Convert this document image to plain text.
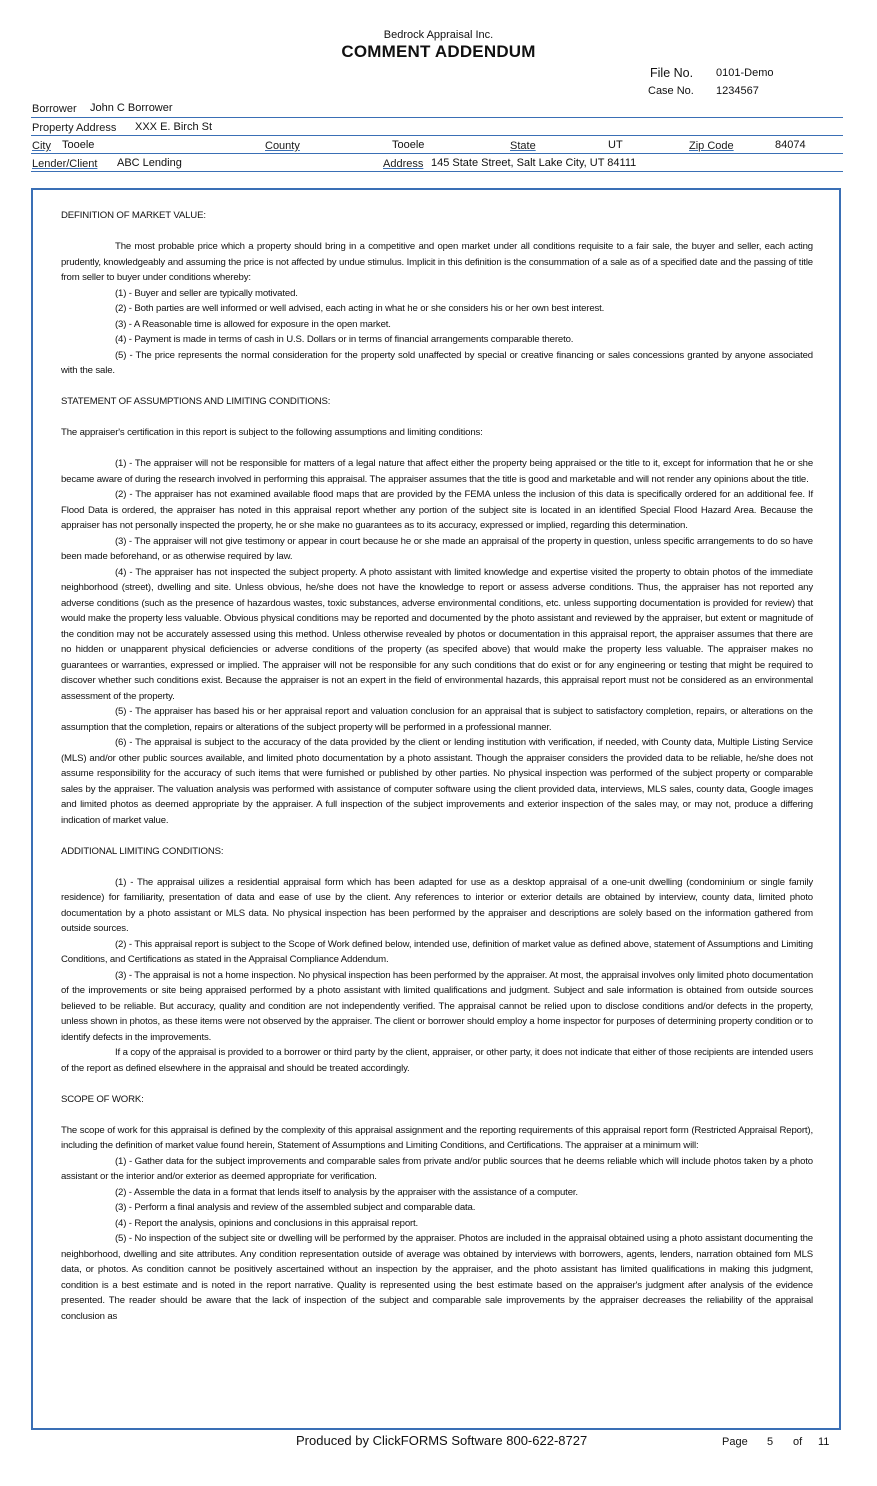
Bedrock Appraisal Inc.
COMMENT ADDENDUM
File No. 0101-Demo
Case No. 1234567
Borrower John C Borrower
Property Address XXX E. Birch St
City Tooele	County	Tooele	State	UT	Zip Code	84074
Lender/Client ABC Lending	Address 145 State Street, Salt Lake City, UT 84111

DEFINITION OF MARKET VALUE:

The most probable price which a property should bring in a competitive and open market under all conditions requisite to a fair sale, the buyer and seller, each acting prudently, knowledgeably and assuming the price is not affected by undue stimulus. Implicit in this definition is the consummation of a sale as of a specified date and the passing of title from seller to buyer under conditions whereby:

(1) - Buyer and seller are typically motivated.

(2) - Both parties are well informed or well advised, each acting in what he or she considers his or her own best interest.

(3) - A Reasonable time is allowed for exposure in the open market.

(4) - Payment is made in terms of cash in U.S. Dollars or in terms of financial arrangements comparable thereto.

(5) - The price represents the normal consideration for the property sold unaffected by special or creative financing or sales concessions granted by anyone associated with the sale.

STATEMENT OF ASSUMPTIONS AND LIMITING CONDITIONS:

The appraiser's certification in this report is subject to the following assumptions and limiting conditions:

(1) - The appraiser will not be responsible for matters of a legal nature that affect either the property being appraised or the title to it, except for information that he or she became aware of during the research involved in performing this appraisal. The appraiser assumes that the title is good and marketable and will not render any opinions about the title.

(2) - The appraiser has not examined available flood maps that are provided by the FEMA unless the inclusion of this data is specifically ordered for an additional fee. If Flood Data is ordered, the appraiser has noted in this appraisal report whether any portion of the subject site is located in an identified Special Flood Hazard Area. Because the appraiser has not personally inspected the property, he or she make no guarantees as to its accuracy, expressed or implied, regarding this determination.

(3) - The appraiser will not give testimony or appear in court because he or she made an appraisal of the property in question, unless specific arrangements to do so have been made beforehand, or as otherwise required by law.

(4) - The appraiser has not inspected the subject property. A photo assistant with limited knowledge and expertise visited the property to obtain photos of the immediate neighborhood (street), dwelling and site. Unless obvious, he/she does not have the knowledge to report or assess adverse conditions. Thus, the appraiser has not reported any adverse conditions (such as the presence of hazardous wastes, toxic substances, adverse environmental conditions, etc. unless supporting documentation is provided for review) that would make the property less valuable. Obvious physical conditions may be reported and documented by the photo assistant and reviewed by the appraiser, but extent or magnitude of the condition may not be accurately assessed using this method. Unless otherwise revealed by photos or documentation in this appraisal report, the appraiser assumes that there are no hidden or unapparent physical deficiencies or adverse conditions of the property (as specifed above) that would make the property less valuable. The appraiser makes no guarantees or warranties, expressed or implied. The appraiser will not be responsible for any such conditions that do exist or for any engineering or testing that might be required to discover whether such conditions exist. Because the appraiser is not an expert in the field of environmental hazards, this appraisal report must not be considered as an environmental assessment of the property.

(5) - The appraiser has based his or her appraisal report and valuation conclusion for an appraisal that is subject to satisfactory completion, repairs, or alterations on the assumption that the completion, repairs or alterations of the subject property will be performed in a professional manner.

(6) - The appraisal is subject to the accuracy of the data provided by the client or lending institution with verification, if needed, with County data, Multiple Listing Service (MLS) and/or other public sources available, and limited photo documentation by a photo assistant. Though the appraiser considers the provided data to be reliable, he/she does not assume responsibility for the accuracy of such items that were furnished or published by other parties. No physical inspection was performed of the subject property or comparable sales by the appraiser. The valuation analysis was performed with assistance of computer software using the client provided data, interviews, MLS sales, county data, Google images and limited photos as deemed appropriate by the appraiser. A full inspection of the subject improvements and exterior inspection of the sales may, or may not, produce a differing indication of market value.

ADDITIONAL LIMITING CONDITIONS:

(1) - The appraisal uilizes a residential appraisal form which has been adapted for use as a desktop appraisal of a one-unit dwelling (condominium or single family residence) for familiarity, presentation of data and ease of use by the client. Any references to interior or exterior details are obtained by interview, county data, limited photo documentation by a photo assistant or MLS data. No physical inspection has been performed by the appraiser and descriptions are solely based on the information gathered from outside sources.

(2) - This appraisal report is subject to the Scope of Work defined below, intended use, definition of market value as defined above, statement of Assumptions and Limiting Conditions, and Certifications as stated in the Appraisal Compliance Addendum.

(3) - The appraisal is not a home inspection. No physical inspection has been performed by the appraiser. At most, the appraisal involves only limited photo documentation of the improvements or site being appraised performed by a photo assistant with limited qualifications and judgment. Subject and sale information is obtained from outside sources believed to be reliable. But accuracy, quality and condition are not independently verified. The appraisal cannot be relied upon to disclose conditions and/or defects in the property, unless shown in photos, as these items were not observed by the appraiser. The client or borrower should employ a home inspector for purposes of determining property condition or to identify defects in the improvements.

If a copy of the appraisal is provided to a borrower or third party by the client, appraiser, or other party, it does not indicate that either of those recipients are intended users of the report as defined elsewhere in the appraisal and should be treated accordingly.

SCOPE OF WORK:

The scope of work for this appraisal is defined by the complexity of this appraisal assignment and the reporting requirements of this appraisal report form (Restricted Appraisal Report), including the definition of market value found herein, Statement of Assumptions and Limiting Conditions, and Certifications. The appraiser at a minimum will:

(1) - Gather data for the subject improvements and comparable sales from private and/or public sources that he deems reliable which will include photos taken by a photo assistant or the interior and/or exterior as deemed appropriate for verification.

(2) - Assemble the data in a format that lends itself to analysis by the appraiser with the assistance of a computer.

(3) - Perform a final analysis and review of the assembled subject and comparable data.

(4) - Report the analysis, opinions and conclusions in this appraisal report.

(5) - No inspection of the subject site or dwelling will be performed by the appraiser. Photos are included in the appraisal obtained using a photo assistant documenting the neighborhood, dwelling and site attributes. Any condition representation outside of average was obtained by interviews with borrowers, agents, lenders, narration obtained fom MLS data, or photos. As condition cannot be positively ascertained without an inspection by the appraiser, and the photo assistant has limited qualifications in making this judgment, condition is a best estimate and is noted in the report narrative. Quality is represented using the best estimate based on the appraiser's judgment after analysis of the evidence presented. The reader should be aware that the lack of inspection of the subject and comparable sale improvements by the appraiser decreases the reliability of the appraisal conclusion as

Produced by ClickFORMS Software 800-622-8727	Page 5 of 11
